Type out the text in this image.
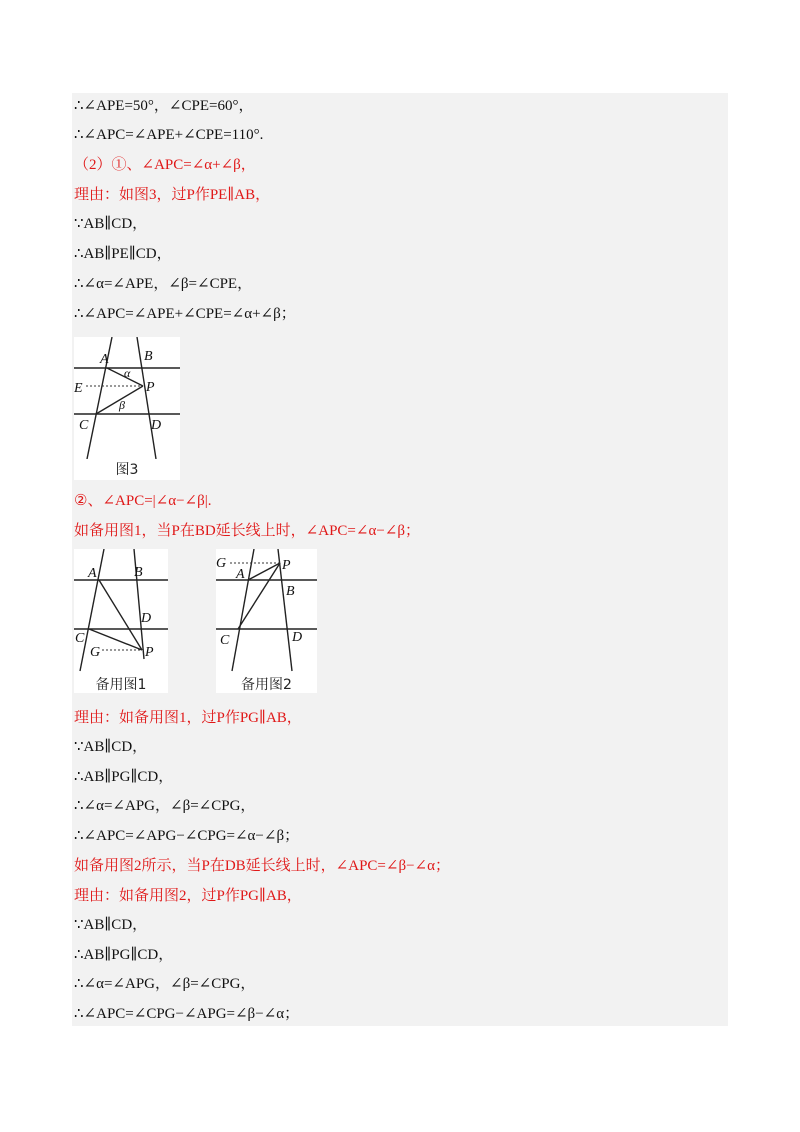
∴∠APE=50°，∠CPE=60°，
∴∠APC=∠APE+∠CPE=110°.
（2）①、∠APC=∠α+∠β，
理由：如图3，过P作PE∥AB，
∵AB∥CD，
∴AB∥PE∥CD，
∴∠α=∠APE，∠β=∠CPE，
∴∠APC=∠APE+∠CPE=∠α+∠β；
A	B
E	P
C	D
α
β
图3
②、∠APC=|∠α−∠β|.
如备用图1，当P在BD延长线上时，∠APC=∠α−∠β；
A	B
D
C
G	P
备用图1
G
A
P
B
C	D
备用图2
理由：如备用图1，过P作PG∥AB，
∵AB∥CD，
∴AB∥PG∥CD，
∴∠α=∠APG，∠β=∠CPG，
∴∠APC=∠APG−∠CPG=∠α−∠β；
如备用图2所示，当P在DB延长线上时，∠APC=∠β−∠α；
理由：如备用图2，过P作PG∥AB，
∵AB∥CD，
∴AB∥PG∥CD，
∴∠α=∠APG，∠β=∠CPG，
∴∠APC=∠CPG−∠APG=∠β−∠α；
